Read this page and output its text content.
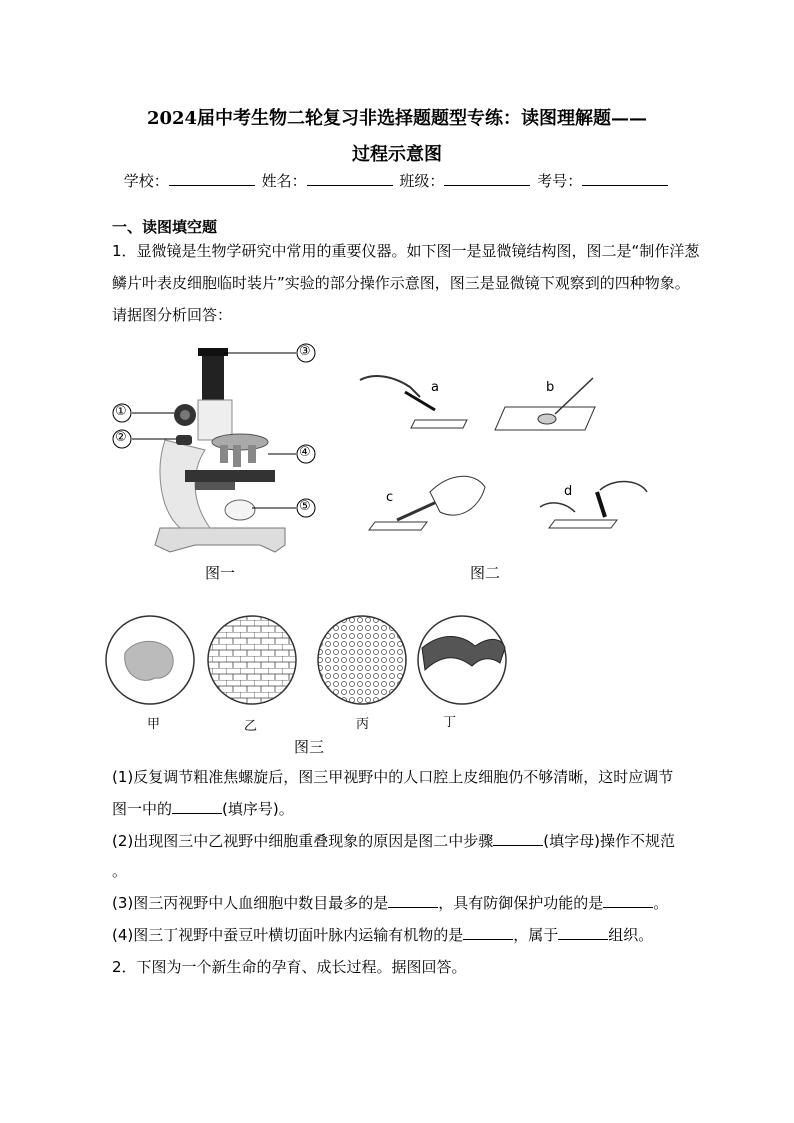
2024届中考生物二轮复习非选择题题型专练：读图理解题——
过程示意图
学校：	姓名：	班级：	考号：
一、读图填空题
1．显微镜是生物学研究中常用的重要仪器。如下图一是显微镜结构图，图二是“制作洋葱鳞片叶表皮细胞临时装片”实验的部分操作示意图，图三是显微镜下观察到的四种物象。请据图分析回答：
①
②
③
④
⑤
图一
a	b
c	d
图二
甲	乙	丙	丁
图三
(1)反复调节粗准焦螺旋后，图三甲视野中的人口腔上皮细胞仍不够清晰，这时应调节
图一中的	(填序号)。
(2)出现图三中乙视野中细胞重叠现象的原因是图二中步骤	(填字母)操作不规范
。
(3)图三丙视野中人血细胞中数目最多的是	，具有防御保护功能的是	。
(4)图三丁视野中蚕豆叶横切面叶脉内运输有机物的是	，属于	组织。
2．下图为一个新生命的孕育、成长过程。据图回答。
